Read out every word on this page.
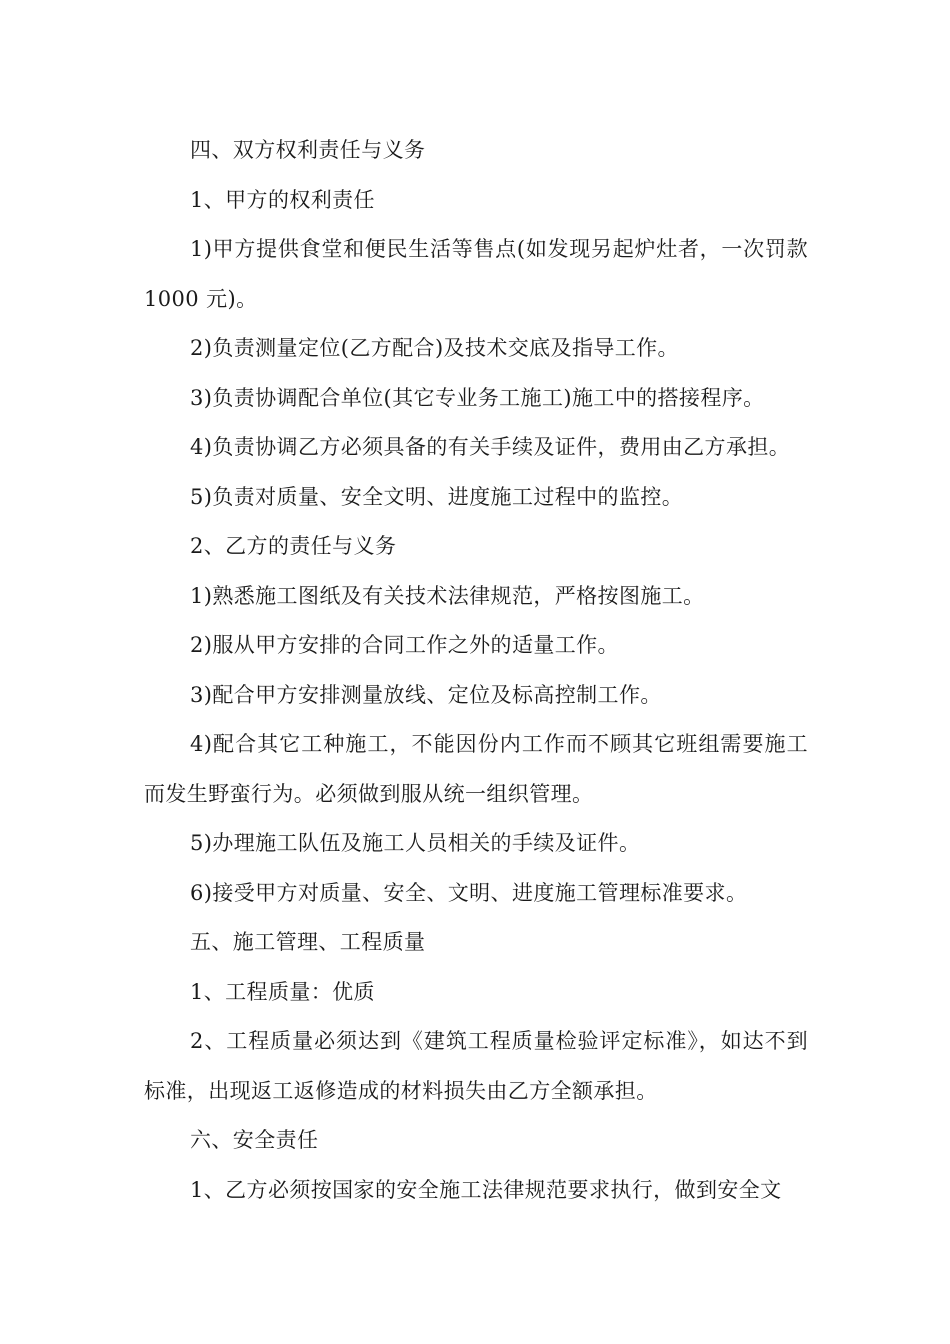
四、双方权利责任与义务

1、甲方的权利责任

1)甲方提供食堂和便民生活等售点(如发现另起炉灶者，一次罚款 1000 元)。

2)负责测量定位(乙方配合)及技术交底及指导工作。

3)负责协调配合单位(其它专业务工施工)施工中的搭接程序。

4)负责协调乙方必须具备的有关手续及证件，费用由乙方承担。

5)负责对质量、安全文明、进度施工过程中的监控。

2、乙方的责任与义务

1)熟悉施工图纸及有关技术法律规范，严格按图施工。

2)服从甲方安排的合同工作之外的适量工作。

3)配合甲方安排测量放线、定位及标高控制工作。

4)配合其它工种施工，不能因份内工作而不顾其它班组需要施工而发生野蛮行为。必须做到服从统一组织管理。

5)办理施工队伍及施工人员相关的手续及证件。

6)接受甲方对质量、安全、文明、进度施工管理标准要求。

五、施工管理、工程质量

1、工程质量：优质

2、工程质量必须达到《建筑工程质量检验评定标准》，如达不到标准，出现返工返修造成的材料损失由乙方全额承担。

六、安全责任

1、乙方必须按国家的安全施工法律规范要求执行，做到安全文
